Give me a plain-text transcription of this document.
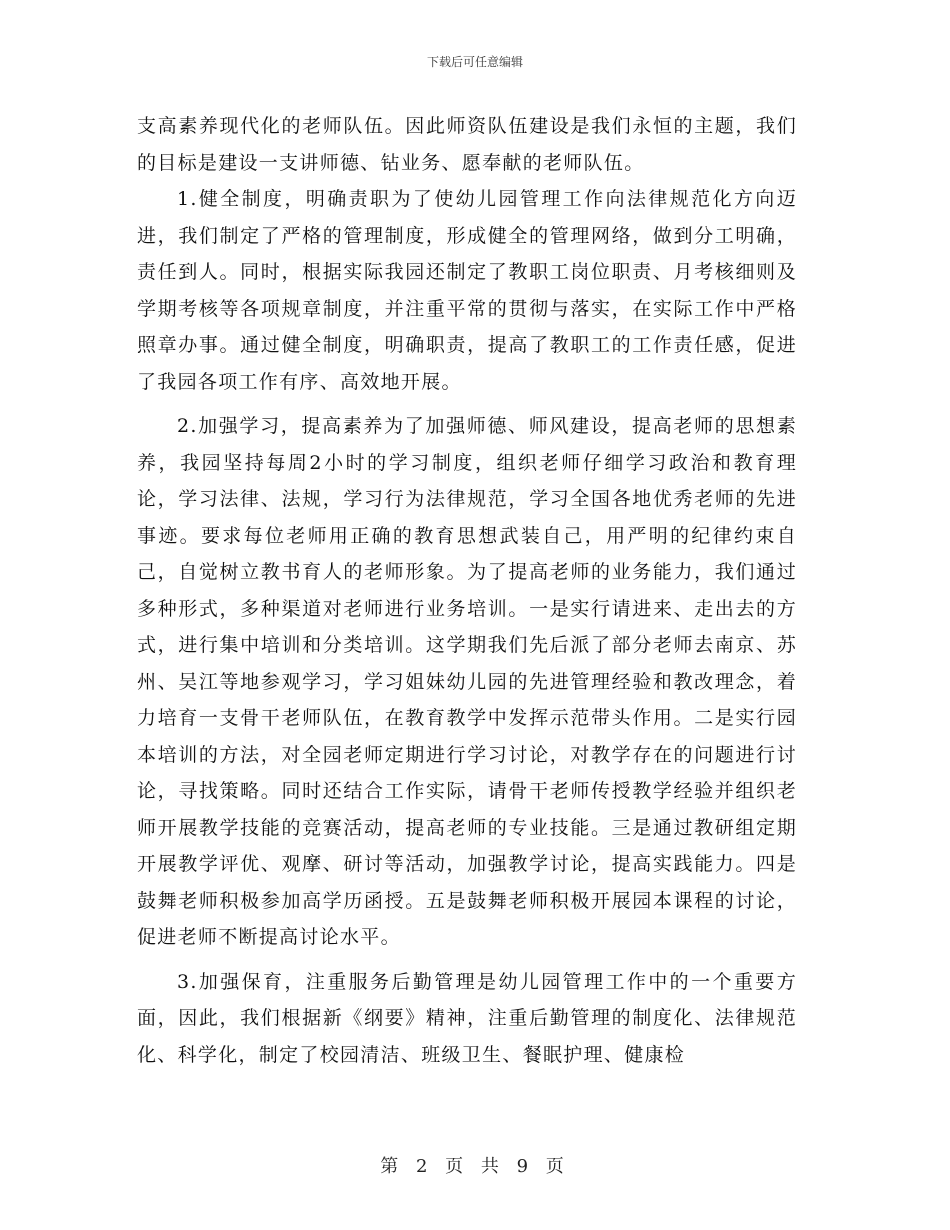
下载后可任意编辑

支高素养现代化的老师队伍。因此师资队伍建设是我们永恒的主题，我们的目标是建设一支讲师德、钻业务、愿奉献的老师队伍。

1.健全制度，明确责职为了使幼儿园管理工作向法律规范化方向迈进，我们制定了严格的管理制度，形成健全的管理网络，做到分工明确，责任到人。同时，根据实际我园还制定了教职工岗位职责、月考核细则及学期考核等各项规章制度，并注重平常的贯彻与落实，在实际工作中严格照章办事。通过健全制度，明确职责，提高了教职工的工作责任感，促进了我园各项工作有序、高效地开展。

2.加强学习，提高素养为了加强师德、师风建设，提高老师的思想素养，我园坚持每周2小时的学习制度，组织老师仔细学习政治和教育理论，学习法律、法规，学习行为法律规范，学习全国各地优秀老师的先进事迹。要求每位老师用正确的教育思想武装自己，用严明的纪律约束自己，自觉树立教书育人的老师形象。为了提高老师的业务能力，我们通过多种形式，多种渠道对老师进行业务培训。一是实行请进来、走出去的方式，进行集中培训和分类培训。这学期我们先后派了部分老师去南京、苏州、吴江等地参观学习，学习姐妹幼儿园的先进管理经验和教改理念，着力培育一支骨干老师队伍，在教育教学中发挥示范带头作用。二是实行园本培训的方法，对全园老师定期进行学习讨论，对教学存在的问题进行讨论，寻找策略。同时还结合工作实际，请骨干老师传授教学经验并组织老师开展教学技能的竞赛活动，提高老师的专业技能。三是通过教研组定期开展教学评优、观摩、研讨等活动，加强教学讨论，提高实践能力。四是鼓舞老师积极参加高学历函授。五是鼓舞老师积极开展园本课程的讨论，促进老师不断提高讨论水平。

3.加强保育，注重服务后勤管理是幼儿园管理工作中的一个重要方面，因此，我们根据新《纲要》精神，注重后勤管理的制度化、法律规范化、科学化，制定了校园清洁、班级卫生、餐眠护理、健康检

第 2 页 共 9 页
